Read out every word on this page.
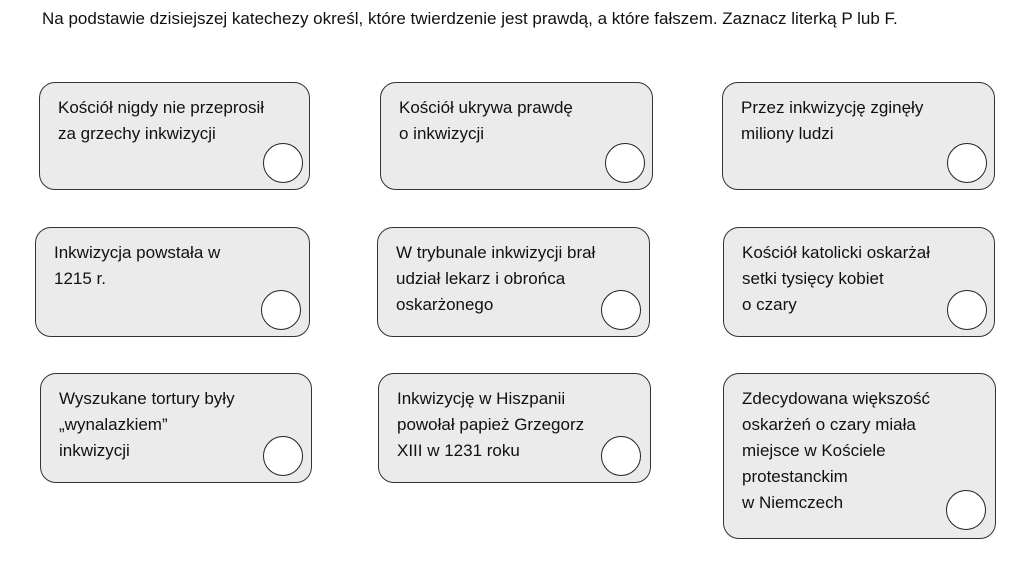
Na podstawie dzisiejszej katechezy określ, które twierdzenie jest prawdą, a które fałszem. Zaznacz literką P lub F.
Kościół nigdy nie przeprosił
za grzechy inkwizycji
Kościół ukrywa prawdę
o inkwizycji
Przez inkwizycję zginęły
miliony ludzi
Inkwizycja powstała w
1215 r.
W trybunale inkwizycji brał
udział lekarz i obrońca
oskarżonego
Kościół katolicki oskarżał
setki tysięcy kobiet
o czary
Wyszukane tortury były
„wynalazkiem”
inkwizycji
Inkwizycję w Hiszpanii
powołał papież Grzegorz
XIII w 1231 roku
Zdecydowana większość
oskarżeń o czary miała
miejsce w Kościele
protestanckim
w Niemczech
